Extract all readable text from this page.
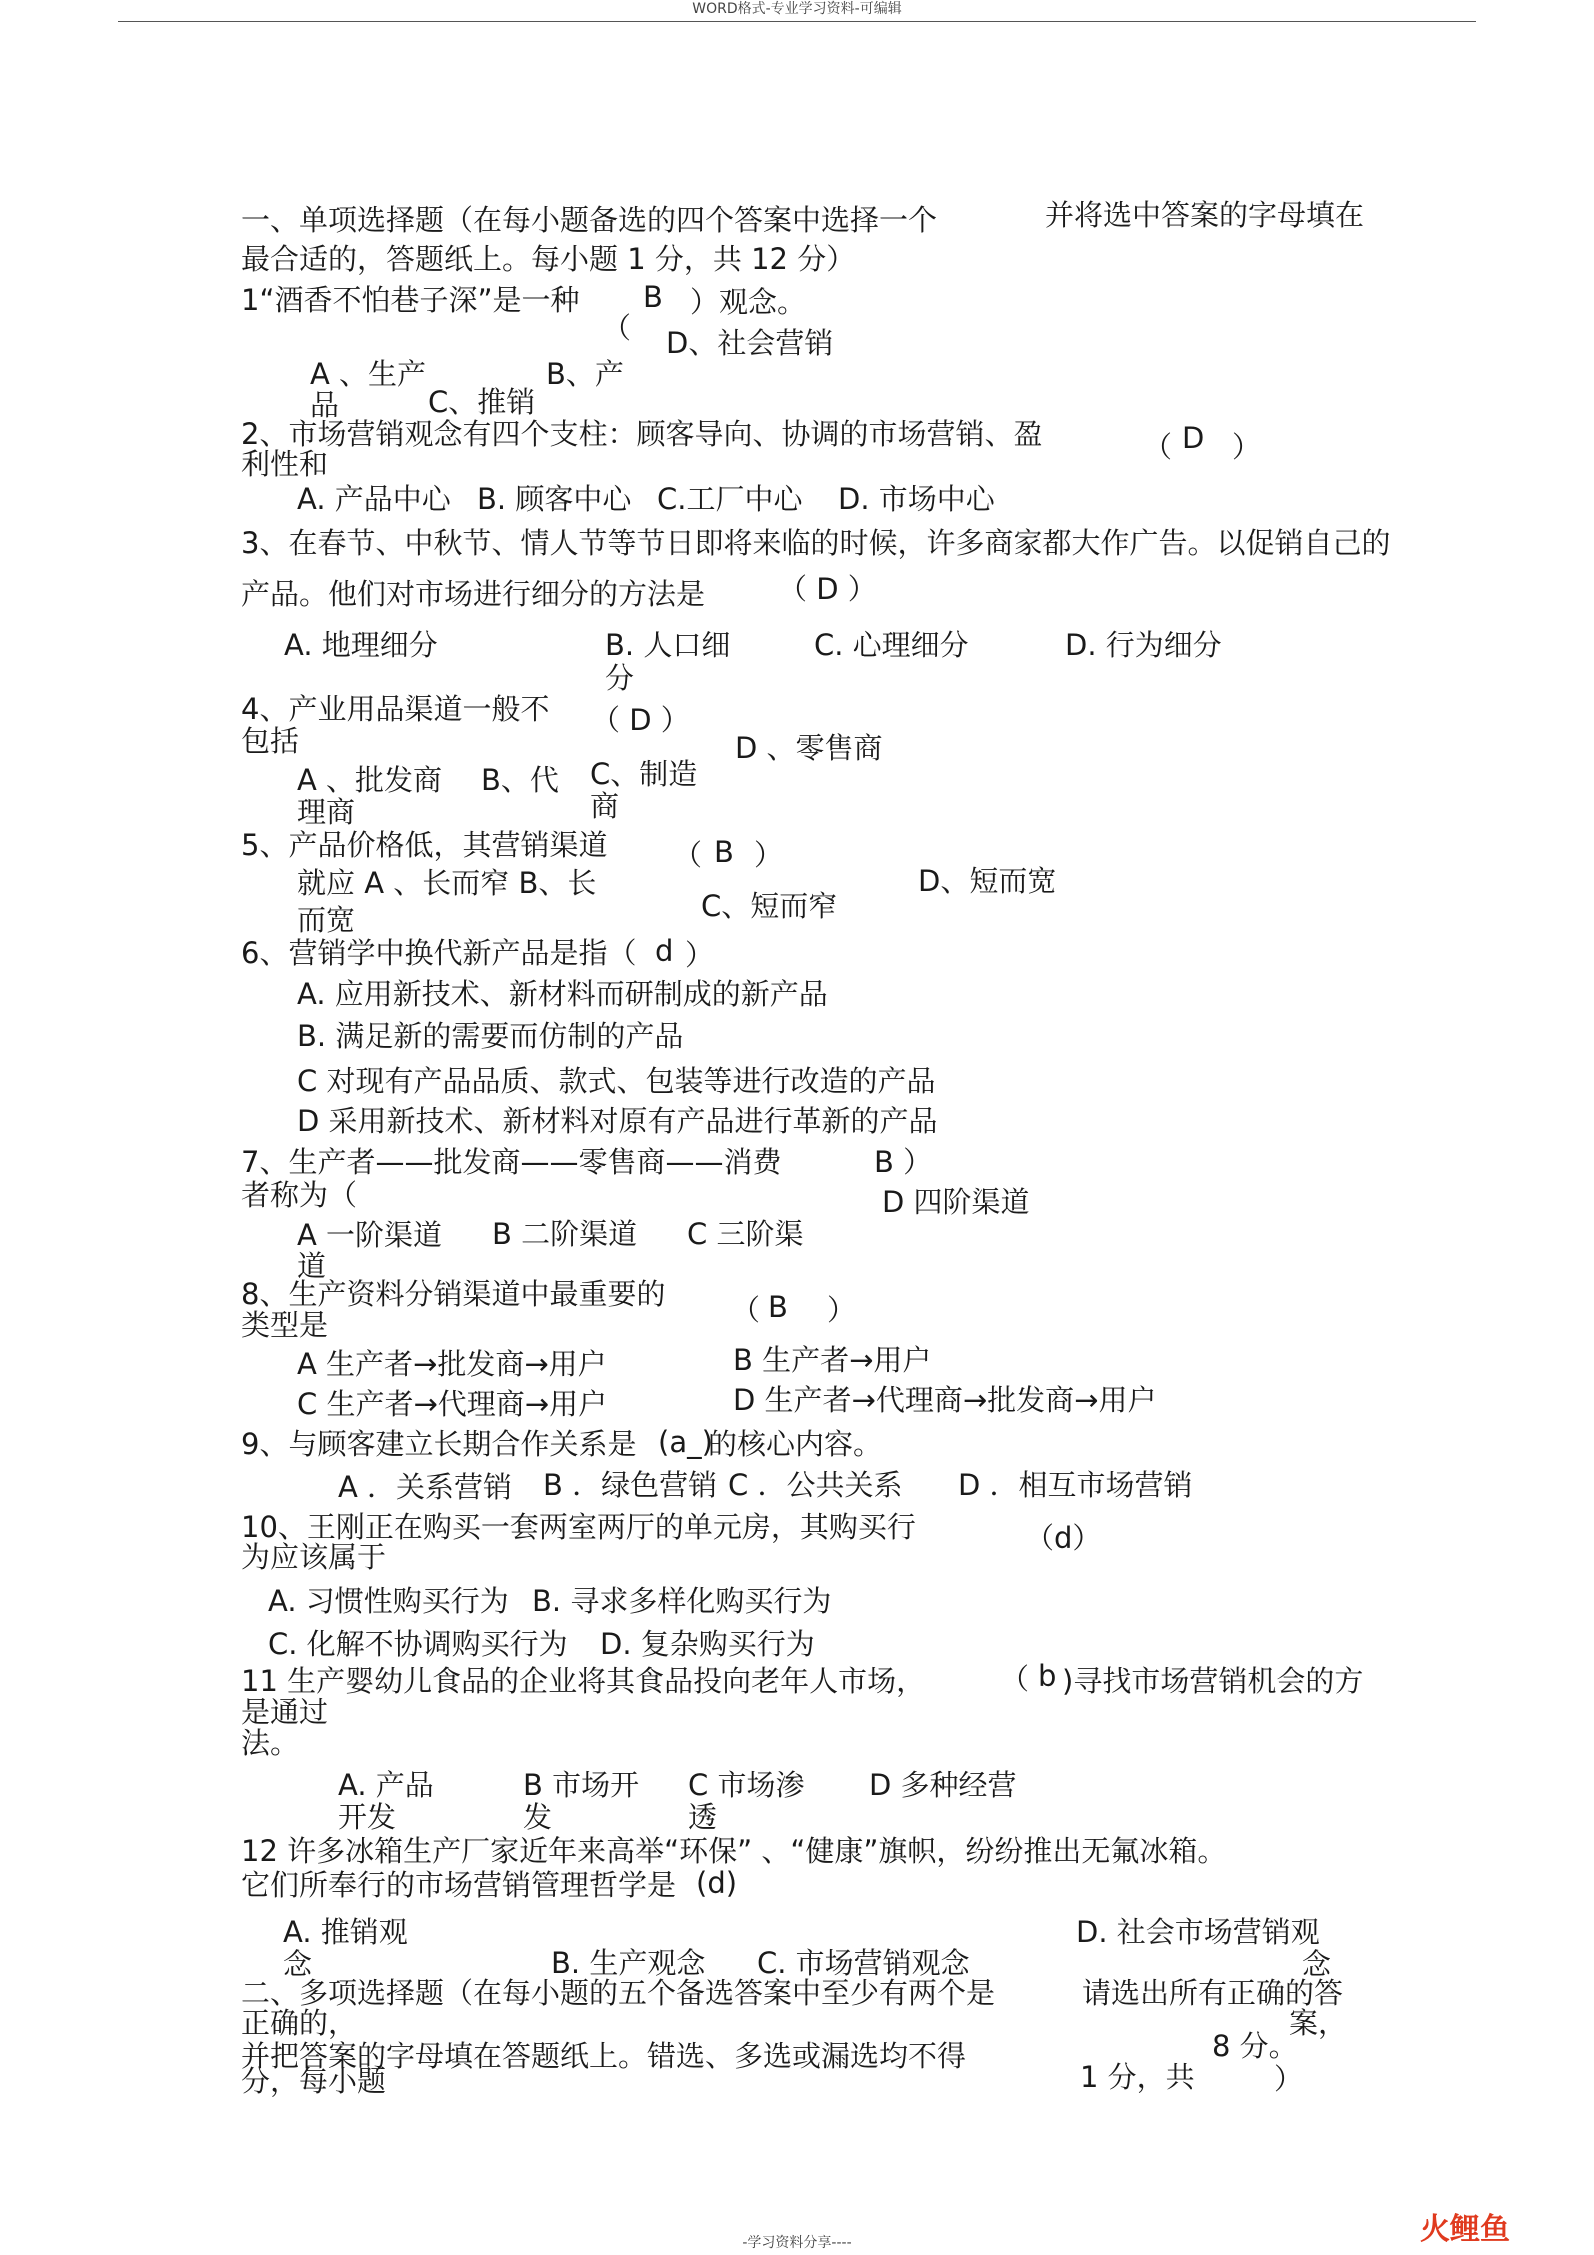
WORD格式-专业学习资料-可编辑
一、单项选择题（在每小题备选的四个答案中选择一个	并将选中答案的字母填在
最合适的，答题纸上。每小题 1 分，共 12 分）
1“酒香不怕巷子深”是一种 B ）观念。
（ D、社会营销
A 、生产	B、产
品	C、推销
2、市场营销观念有四个支柱：顾客导向、协调的市场营销、盈	（ D ）
利性和
A. 产品中心 B. 顾客中心 C.工厂中心 D. 市场中心
3、在春节、中秋节、情人节等节日即将来临的时候，许多商家都大作广告。以促销自己的
产品。他们对市场进行细分的方法是	（ D ）
A. 地理细分	B. 人口细
分
C. 心理细分	D. 行为细分
4、产业用品渠道一般不 （ D ）
包括	D 、零售商
A 、批发商 B、代 C、制造
理商	商
5、产品价格低，其营销渠道 （ B ）
就应 A 、长而窄 B、长	D、短而宽
C、短而窄
而宽
6、营销学中换代新产品是指（ d ）
A. 应用新技术、新材料而研制成的新产品
B. 满足新的需要而仿制的产品
C 对现有产品品质、款式、包装等进行改造的产品
D 采用新技术、新材料对原有产品进行革新的产品
7、生产者——批发商——零售商——消费	B ）
者称为（	D 四阶渠道
A 一阶渠道 B 二阶渠道 C 三阶渠
道
8、生产资料分销渠道中最重要的 （ B ）
类型是
A 生产者→批发商→用户	B 生产者→用户
C 生产者→代理商→用户	D 生产者→代理商→批发商→用户
9、与顾客建立长期合作关系是 (a_)
的核心内容。
A ．关系营销 B ．绿色营销 C ．公共关系 D ．相互市场营销
10、王刚正在购买一套两室两厅的单元房，其购买行	（d）
为应该属于
A. 习惯性购买行为 B. 寻求多样化购买行为
C. 化解不协调购买行为 D. 复杂购买行为
11 生产婴幼儿食品的企业将其食品投向老年人市场，	（ b )寻找市场营销机会的方
是通过
法。
A. 产品
开发
B 市场开
发
C 市场渗
透
D 多种经营
12 许多冰箱生产厂家近年来高举“环保” 、“健康”旗帜，纷纷推出无氟冰箱。
它们所奉行的市场营销管理哲学是 (d)
A. 推销观	D. 社会市场营销观
念	B. 生产观念 C. 市场营销观念	念
二、多项选择题（在每小题的五个备选答案中至少有两个是	请选出所有正确的答
正确的，	案，
并把答案的字母填在答题纸上。错选、多选或漏选均不得	8 分。
分，每小题	1 分，共	）
-学习资料分享----	火鲤鱼
